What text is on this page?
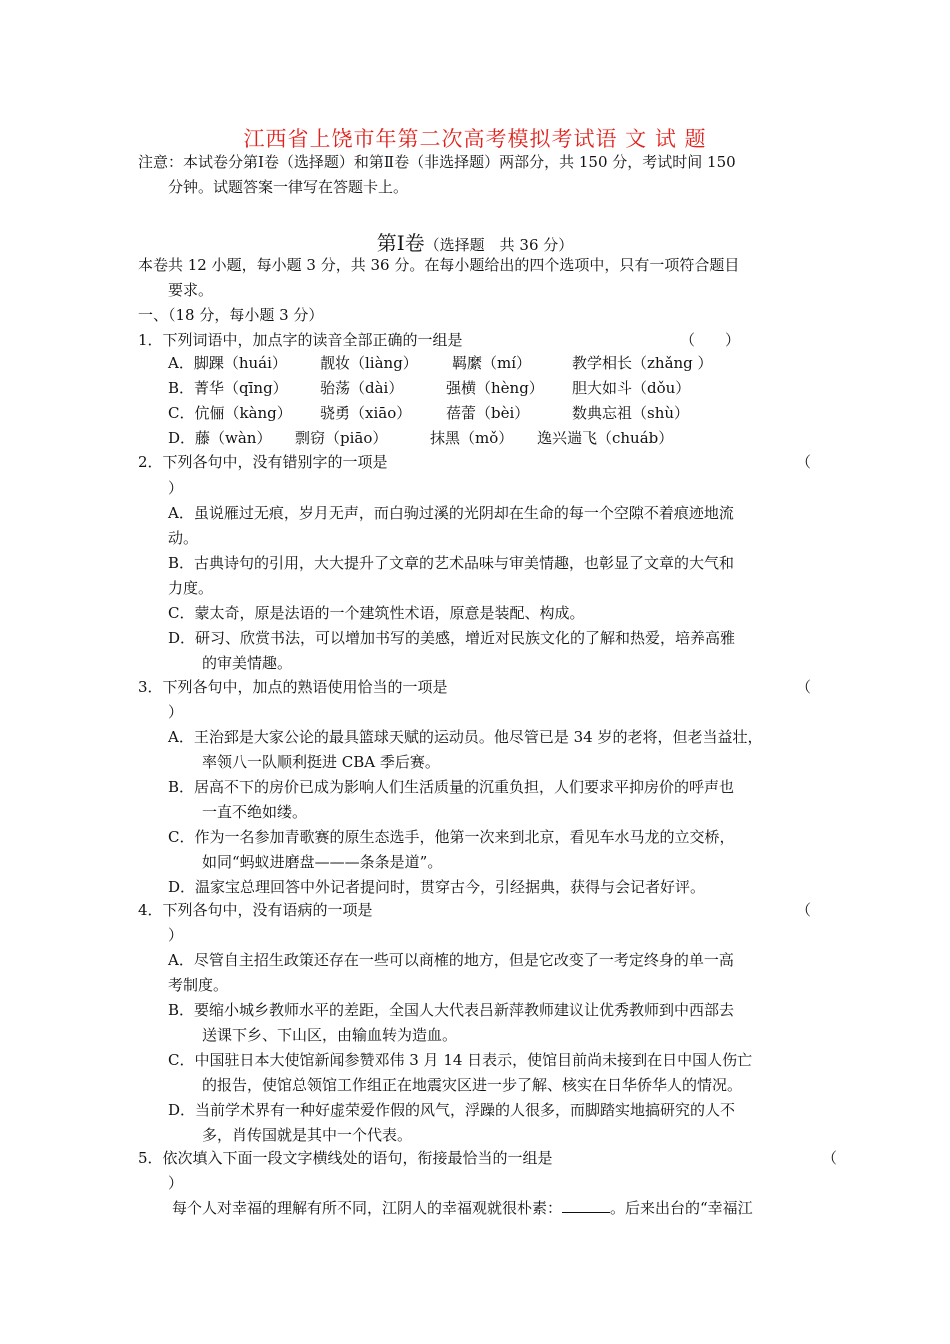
江西省上饶市年第二次高考模拟考试语 文 试 题
注意：本试卷分第Ⅰ卷（选择题）和第Ⅱ卷（非选择题）两部分，共 150 分，考试时间 150
分钟。试题答案一律写在答题卡上。
第Ⅰ卷（选择题　共 36 分）
本卷共 12 小题，每小题 3 分，共 36 分。在每小题给出的四个选项中，只有一项符合题目
要求。
一、（18 分，每小题 3 分）
1．下列词语中，加点字的读音全部正确的一组是	（　　）
A．脚踝（huái） 靓妆（liàng） 羁縻（mí）	教学相长（zhǎng ）
B．菁华（qīng） 骀荡（dài）	强横（hèng） 胆大如斗（dǒu）
C．伉俪（kàng） 骁勇（xiāo） 蓓蕾（bèi）	数典忘祖（shù）
D．藤（wàn） 剽窃（piāo）	抹黑（mǒ） 逸兴遄飞（chuáb）
2．下列各句中，没有错别字的一项是	（
）
A．虽说雁过无痕，岁月无声，而白驹过溪的光阴却在生命的每一个空隙不着痕迹地流
动。
B．古典诗句的引用，大大提升了文章的艺术品味与审美情趣，也彰显了文章的大气和
力度。
C．蒙太奇，原是法语的一个建筑性术语，原意是装配、构成。
D．研习、欣赏书法，可以增加书写的美感，增近对民族文化的了解和热爱，培养高雅
的审美情趣。
3．下列各句中，加点的熟语使用恰当的一项是	（
）
A．王治郅是大家公论的最具篮球天赋的运动员。他尽管已是 34 岁的老将，但老当益壮，
率领八一队顺利挺进 CBA 季后赛。
B．居高不下的房价已成为影响人们生活质量的沉重负担，人们要求平抑房价的呼声也
一直不绝如缕。
C．作为一名参加青歌赛的原生态选手，他第一次来到北京，看见车水马龙的立交桥，
如同“蚂蚁进磨盘———条条是道”。
D．温家宝总理回答中外记者提问时，贯穿古今，引经据典，获得与会记者好评。
4．下列各句中，没有语病的一项是	（
）
A．尽管自主招生政策还存在一些可以商榷的地方，但是它改变了一考定终身的单一高
考制度。
B．要缩小城乡教师水平的差距，全国人大代表吕新萍教师建议让优秀教师到中西部去
送课下乡、下山区，由输血转为造血。
C．中国驻日本大使馆新闻参赞邓伟 3 月 14 日表示，使馆目前尚未接到在日中国人伤亡
的报告，使馆总领馆工作组正在地震灾区进一步了解、核实在日华侨华人的情况。
D．当前学术界有一种好虚荣爱作假的风气，浮躁的人很多，而脚踏实地搞研究的人不
多，肖传国就是其中一个代表。
5．依次填入下面一段文字横线处的语句，衔接最恰当的一组是	（
）
每个人对幸福的理解有所不同，江阴人的幸福观就很朴素：	。后来出台的“幸福江
